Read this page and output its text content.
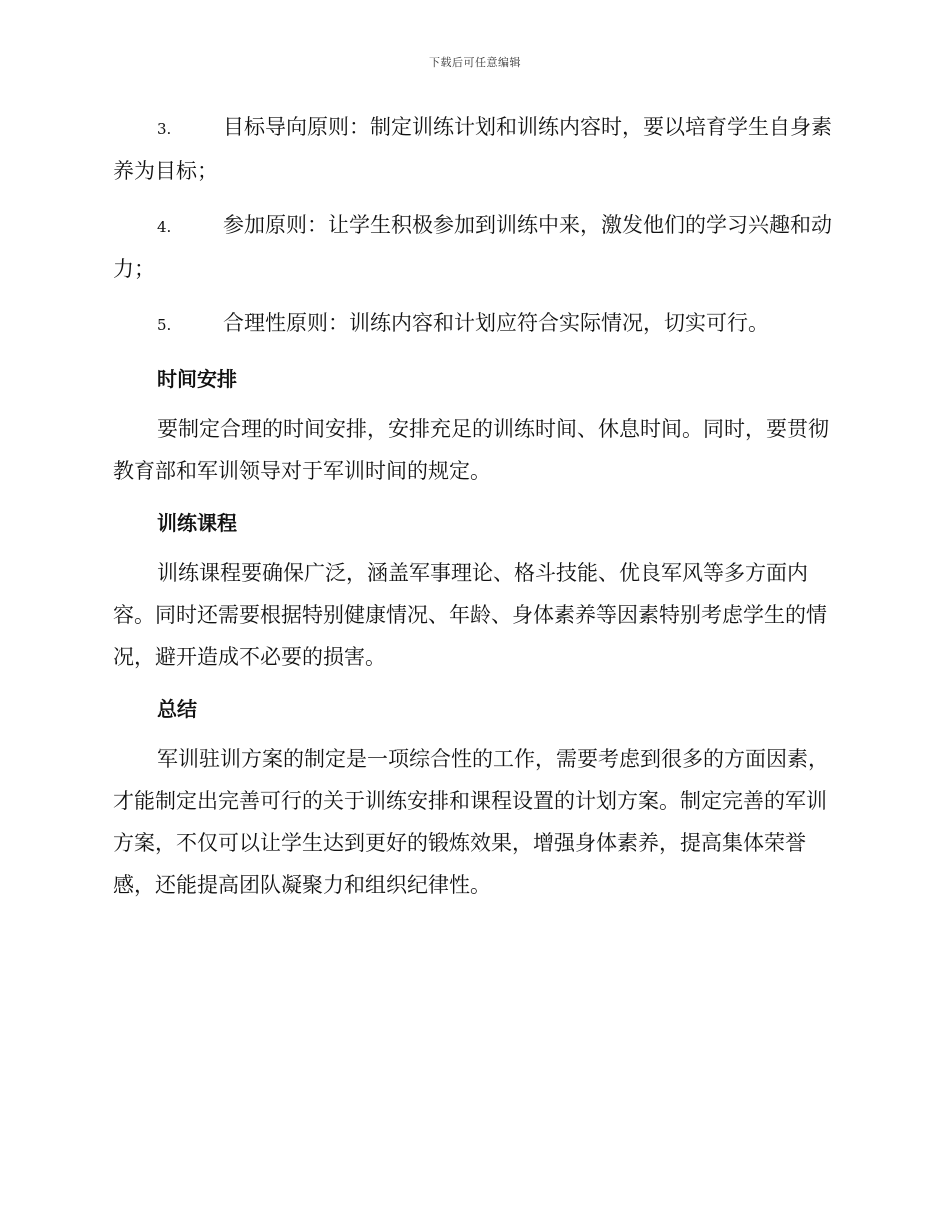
下载后可任意编辑

3. 目标导向原则：制定训练计划和训练内容时，要以培育学生自身素养为目标；

4. 参加原则：让学生积极参加到训练中来，激发他们的学习兴趣和动力；

5. 合理性原则：训练内容和计划应符合实际情况，切实可行。

时间安排

要制定合理的时间安排，安排充足的训练时间、休息时间。同时，要贯彻教育部和军训领导对于军训时间的规定。

训练课程

训练课程要确保广泛，涵盖军事理论、格斗技能、优良军风等多方面内容。同时还需要根据特别健康情况、年龄、身体素养等因素特别考虑学生的情况，避开造成不必要的损害。

总结

军训驻训方案的制定是一项综合性的工作，需要考虑到很多的方面因素，才能制定出完善可行的关于训练安排和课程设置的计划方案。制定完善的军训方案，不仅可以让学生达到更好的锻炼效果，增强身体素养，提高集体荣誉感，还能提高团队凝聚力和组织纪律性。
